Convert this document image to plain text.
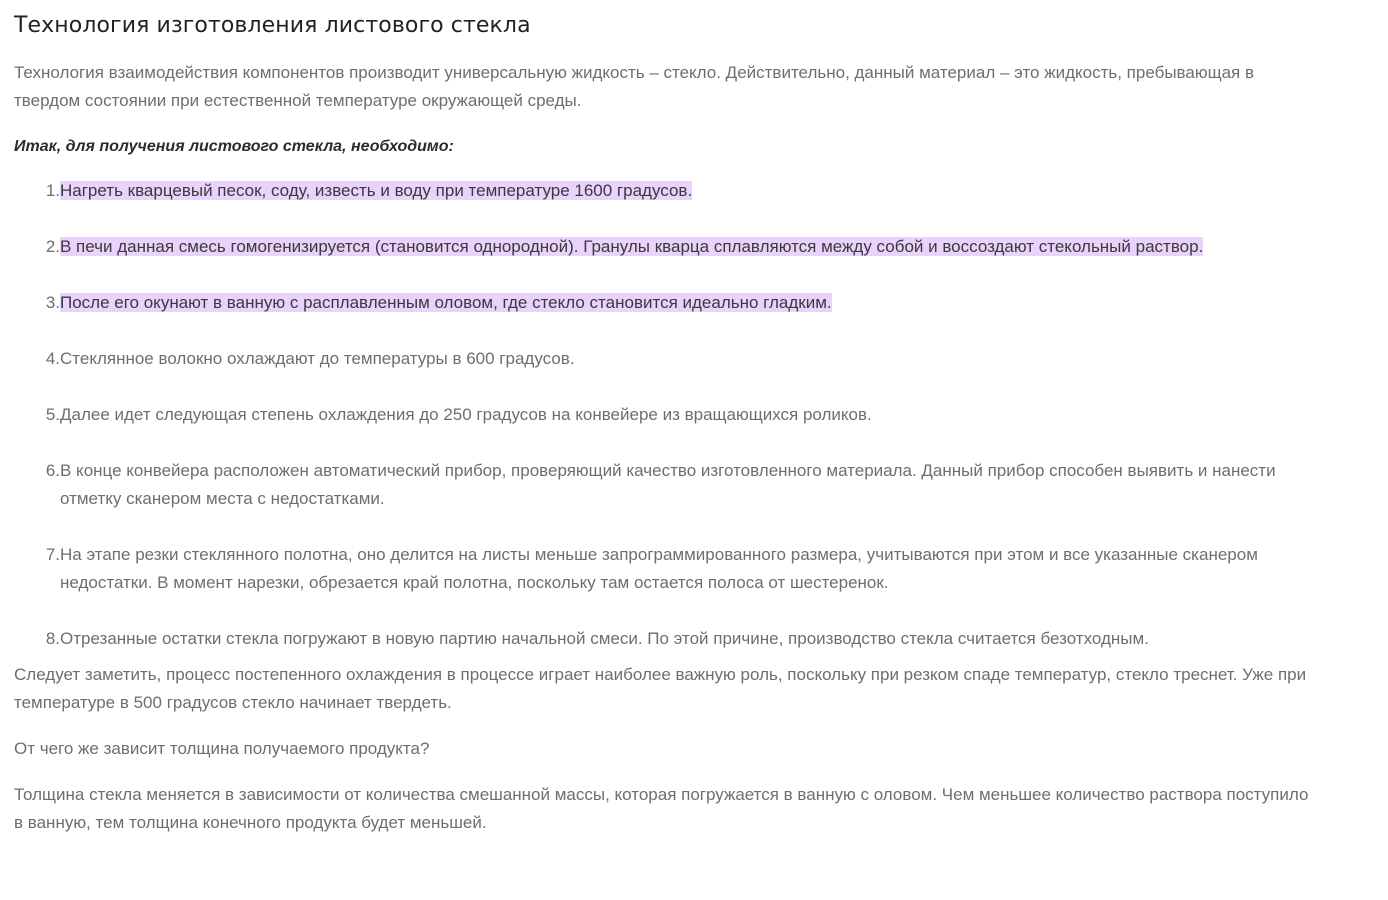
Технология изготовления листового стекла

Технология взаимодействия компонентов производит универсальную жидкость – стекло. Действительно, данный материал – это жидкость, пребывающая в твердом состоянии при естественной температуре окружающей среды.

Итак, для получения листового стекла, необходимо:

1. Нагреть кварцевый песок, соду, известь и воду при температуре 1600 градусов.
2. В печи данная смесь гомогенизируется (становится однородной). Гранулы кварца сплавляются между собой и воссоздают стекольный раствор.
3. После его окунают в ванную с расплавленным оловом, где стекло становится идеально гладким.
4. Стеклянное волокно охлаждают до температуры в 600 градусов.
5. Далее идет следующая степень охлаждения до 250 градусов на конвейере из вращающихся роликов.
6. В конце конвейера расположен автоматический прибор, проверяющий качество изготовленного материала. Данный прибор способен выявить и нанести отметку сканером места с недостатками.
7. На этапе резки стеклянного полотна, оно делится на листы меньше запрограммированного размера, учитываются при этом и все указанные сканером недостатки. В момент нарезки, обрезается край полотна, поскольку там остается полоса от шестеренок.
8. Отрезанные остатки стекла погружают в новую партию начальной смеси. По этой причине, производство стекла считается безотходным.

Следует заметить, процесс постепенного охлаждения в процессе играет наиболее важную роль, поскольку при резком спаде температур, стекло треснет. Уже при температуре в 500 градусов стекло начинает твердеть.

От чего же зависит толщина получаемого продукта?

Толщина стекла меняется в зависимости от количества смешанной массы, которая погружается в ванную с оловом. Чем меньшее количество раствора поступило в ванную, тем толщина конечного продукта будет меньшей.
